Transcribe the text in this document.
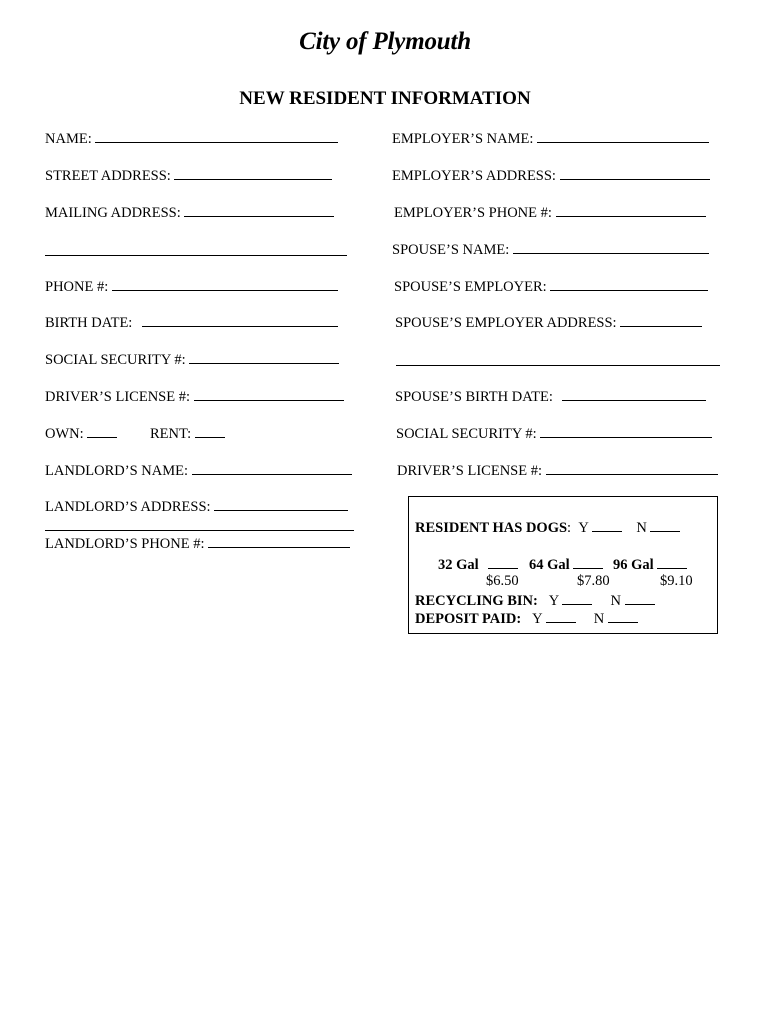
City of Plymouth
NEW RESIDENT INFORMATION
NAME:
STREET ADDRESS:
MAILING ADDRESS:
PHONE #:
BIRTH DATE:
SOCIAL SECURITY #:
DRIVER’S LICENSE #:
OWN:	RENT:
LANDLORD’S NAME:
LANDLORD’S ADDRESS:
LANDLORD’S PHONE #:
EMPLOYER’S NAME:
EMPLOYER’S ADDRESS:
EMPLOYER’S PHONE #:
SPOUSE’S NAME:
SPOUSE’S EMPLOYER:
SPOUSE’S EMPLOYER ADDRESS:
SPOUSE’S BIRTH DATE:
SOCIAL SECURITY #:
DRIVER’S LICENSE #:
RESIDENT HAS DOGS: Y	N
32 Gal	64 Gal	96 Gal
$6.50	$7.80	$9.10
RECYCLING BIN: Y	N
DEPOSIT PAID: Y	N
